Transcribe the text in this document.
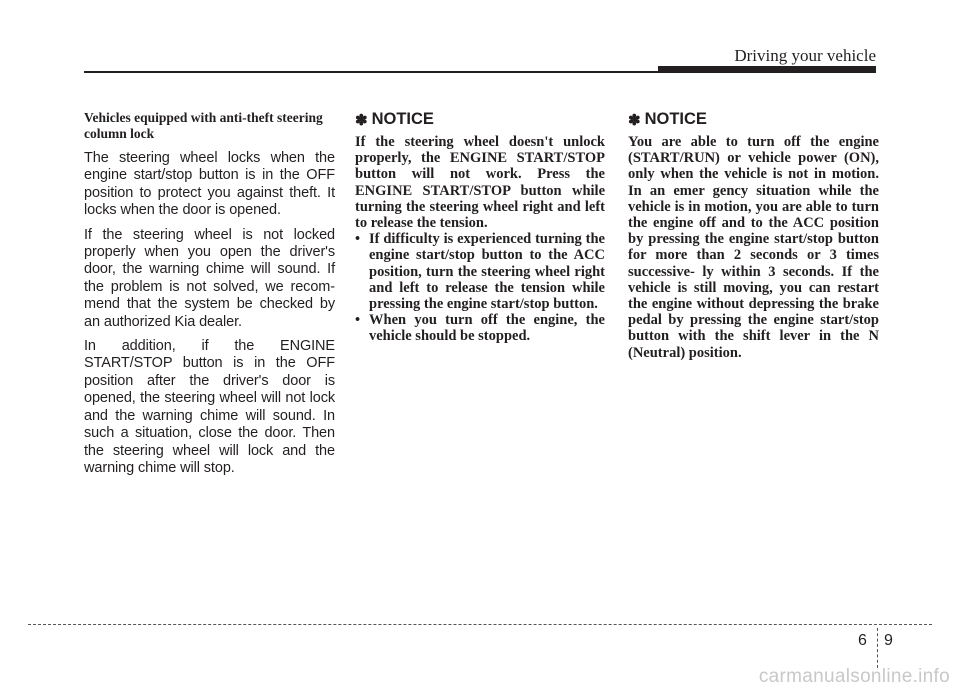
Driving your vehicle

Vehicles equipped with anti-theft steering column lock

The steering wheel locks when the engine start/stop button is in the OFF position to protect you against theft. It locks when the door is opened.

If the steering wheel is not locked properly when you open the driver's door, the warning chime will sound. If the problem is not solved, we recom- mend that the system be checked by an authorized Kia dealer.

In addition, if the ENGINE START/STOP button is in the OFF position after the driver's door is opened, the steering wheel will not lock and the warning chime will sound. In such a situation, close the door. Then the steering wheel will lock and the warning chime will stop.

✽ NOTICE

If the steering wheel doesn't unlock properly, the ENGINE START/STOP button will not work. Press the ENGINE START/STOP button while turning the steering wheel right and left to release the tension.

• If difficulty is experienced turning the engine start/stop button to the ACC position, turn the steering wheel right and left to release the tension while pressing the engine start/stop button.
• When you turn off the engine, the vehicle should be stopped.
✽ NOTICE

You are able to turn off the engine (START/RUN) or vehicle power (ON), only when the vehicle is not in motion. In an emer gency situation while the vehicle is in motion, you are able to turn the engine off and to the ACC position by pressing the engine start/stop button for more than 2 seconds or 3 times successive- ly within 3 seconds. If the vehicle is still moving, you can restart the engine without depressing the brake pedal by pressing the engine start/stop button with the shift lever in the N (Neutral) position.

6 9
carmanualsonline.info
